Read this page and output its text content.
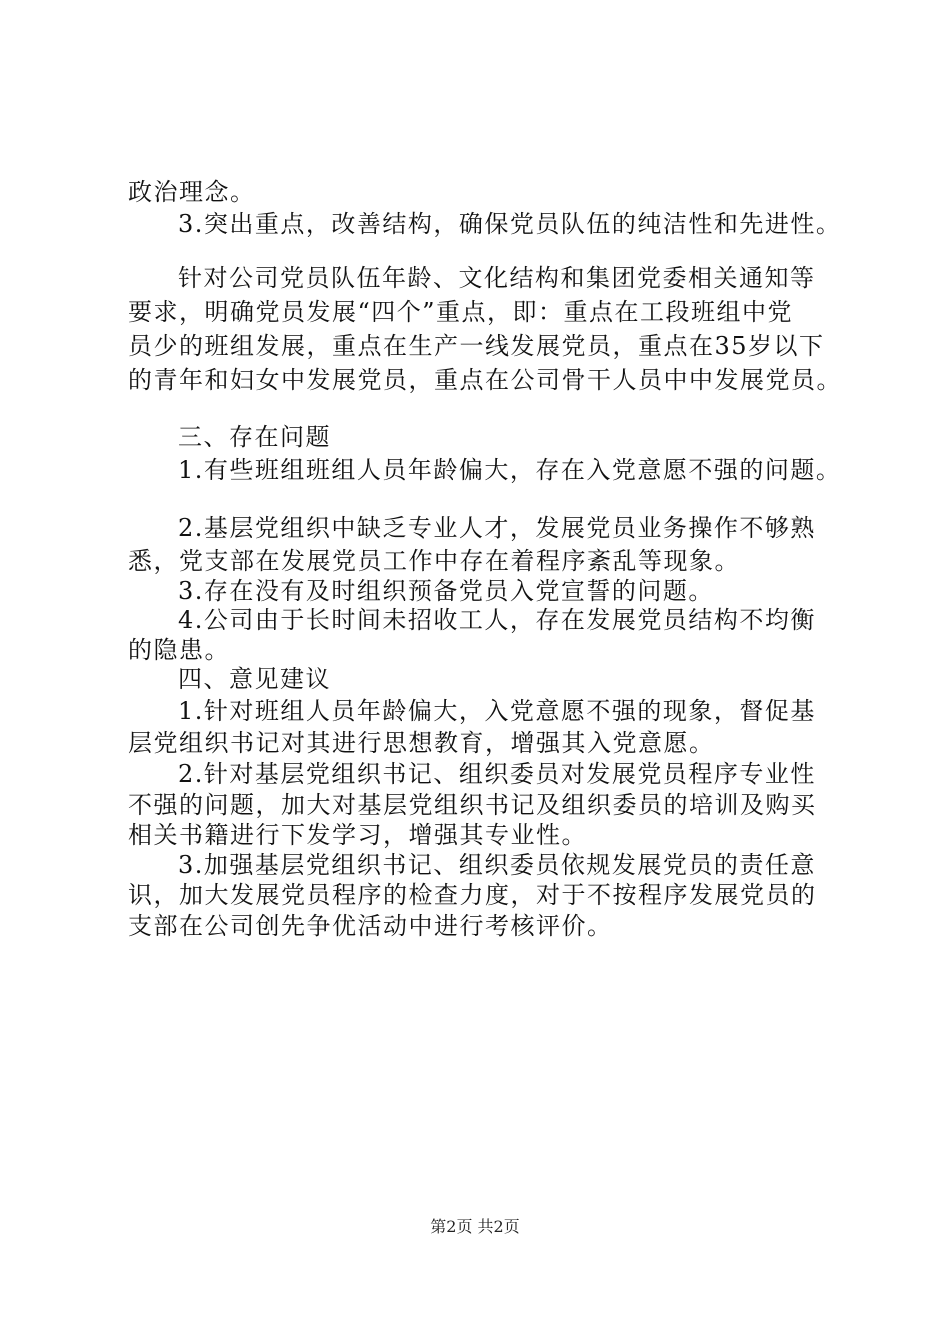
政治理念。
3.突出重点，改善结构，确保党员队伍的纯洁性和先进性。
针对公司党员队伍年龄、文化结构和集团党委相关通知等
要求，明确党员发展“四个”重点，即：重点在工段班组中党
员少的班组发展，重点在生产一线发展党员，重点在35岁以下
的青年和妇女中发展党员，重点在公司骨干人员中中发展党员。
三、存在问题
1.有些班组班组人员年龄偏大，存在入党意愿不强的问题。
2.基层党组织中缺乏专业人才，发展党员业务操作不够熟
悉，党支部在发展党员工作中存在着程序紊乱等现象。
3.存在没有及时组织预备党员入党宣誓的问题。
4.公司由于长时间未招收工人，存在发展党员结构不均衡
的隐患。
四、意见建议
1.针对班组人员年龄偏大，入党意愿不强的现象，督促基
层党组织书记对其进行思想教育，增强其入党意愿。
2.针对基层党组织书记、组织委员对发展党员程序专业性
不强的问题，加大对基层党组织书记及组织委员的培训及购买
相关书籍进行下发学习，增强其专业性。
3.加强基层党组织书记、组织委员依规发展党员的责任意
识，加大发展党员程序的检查力度，对于不按程序发展党员的
支部在公司创先争优活动中进行考核评价。
第2页 共2页
